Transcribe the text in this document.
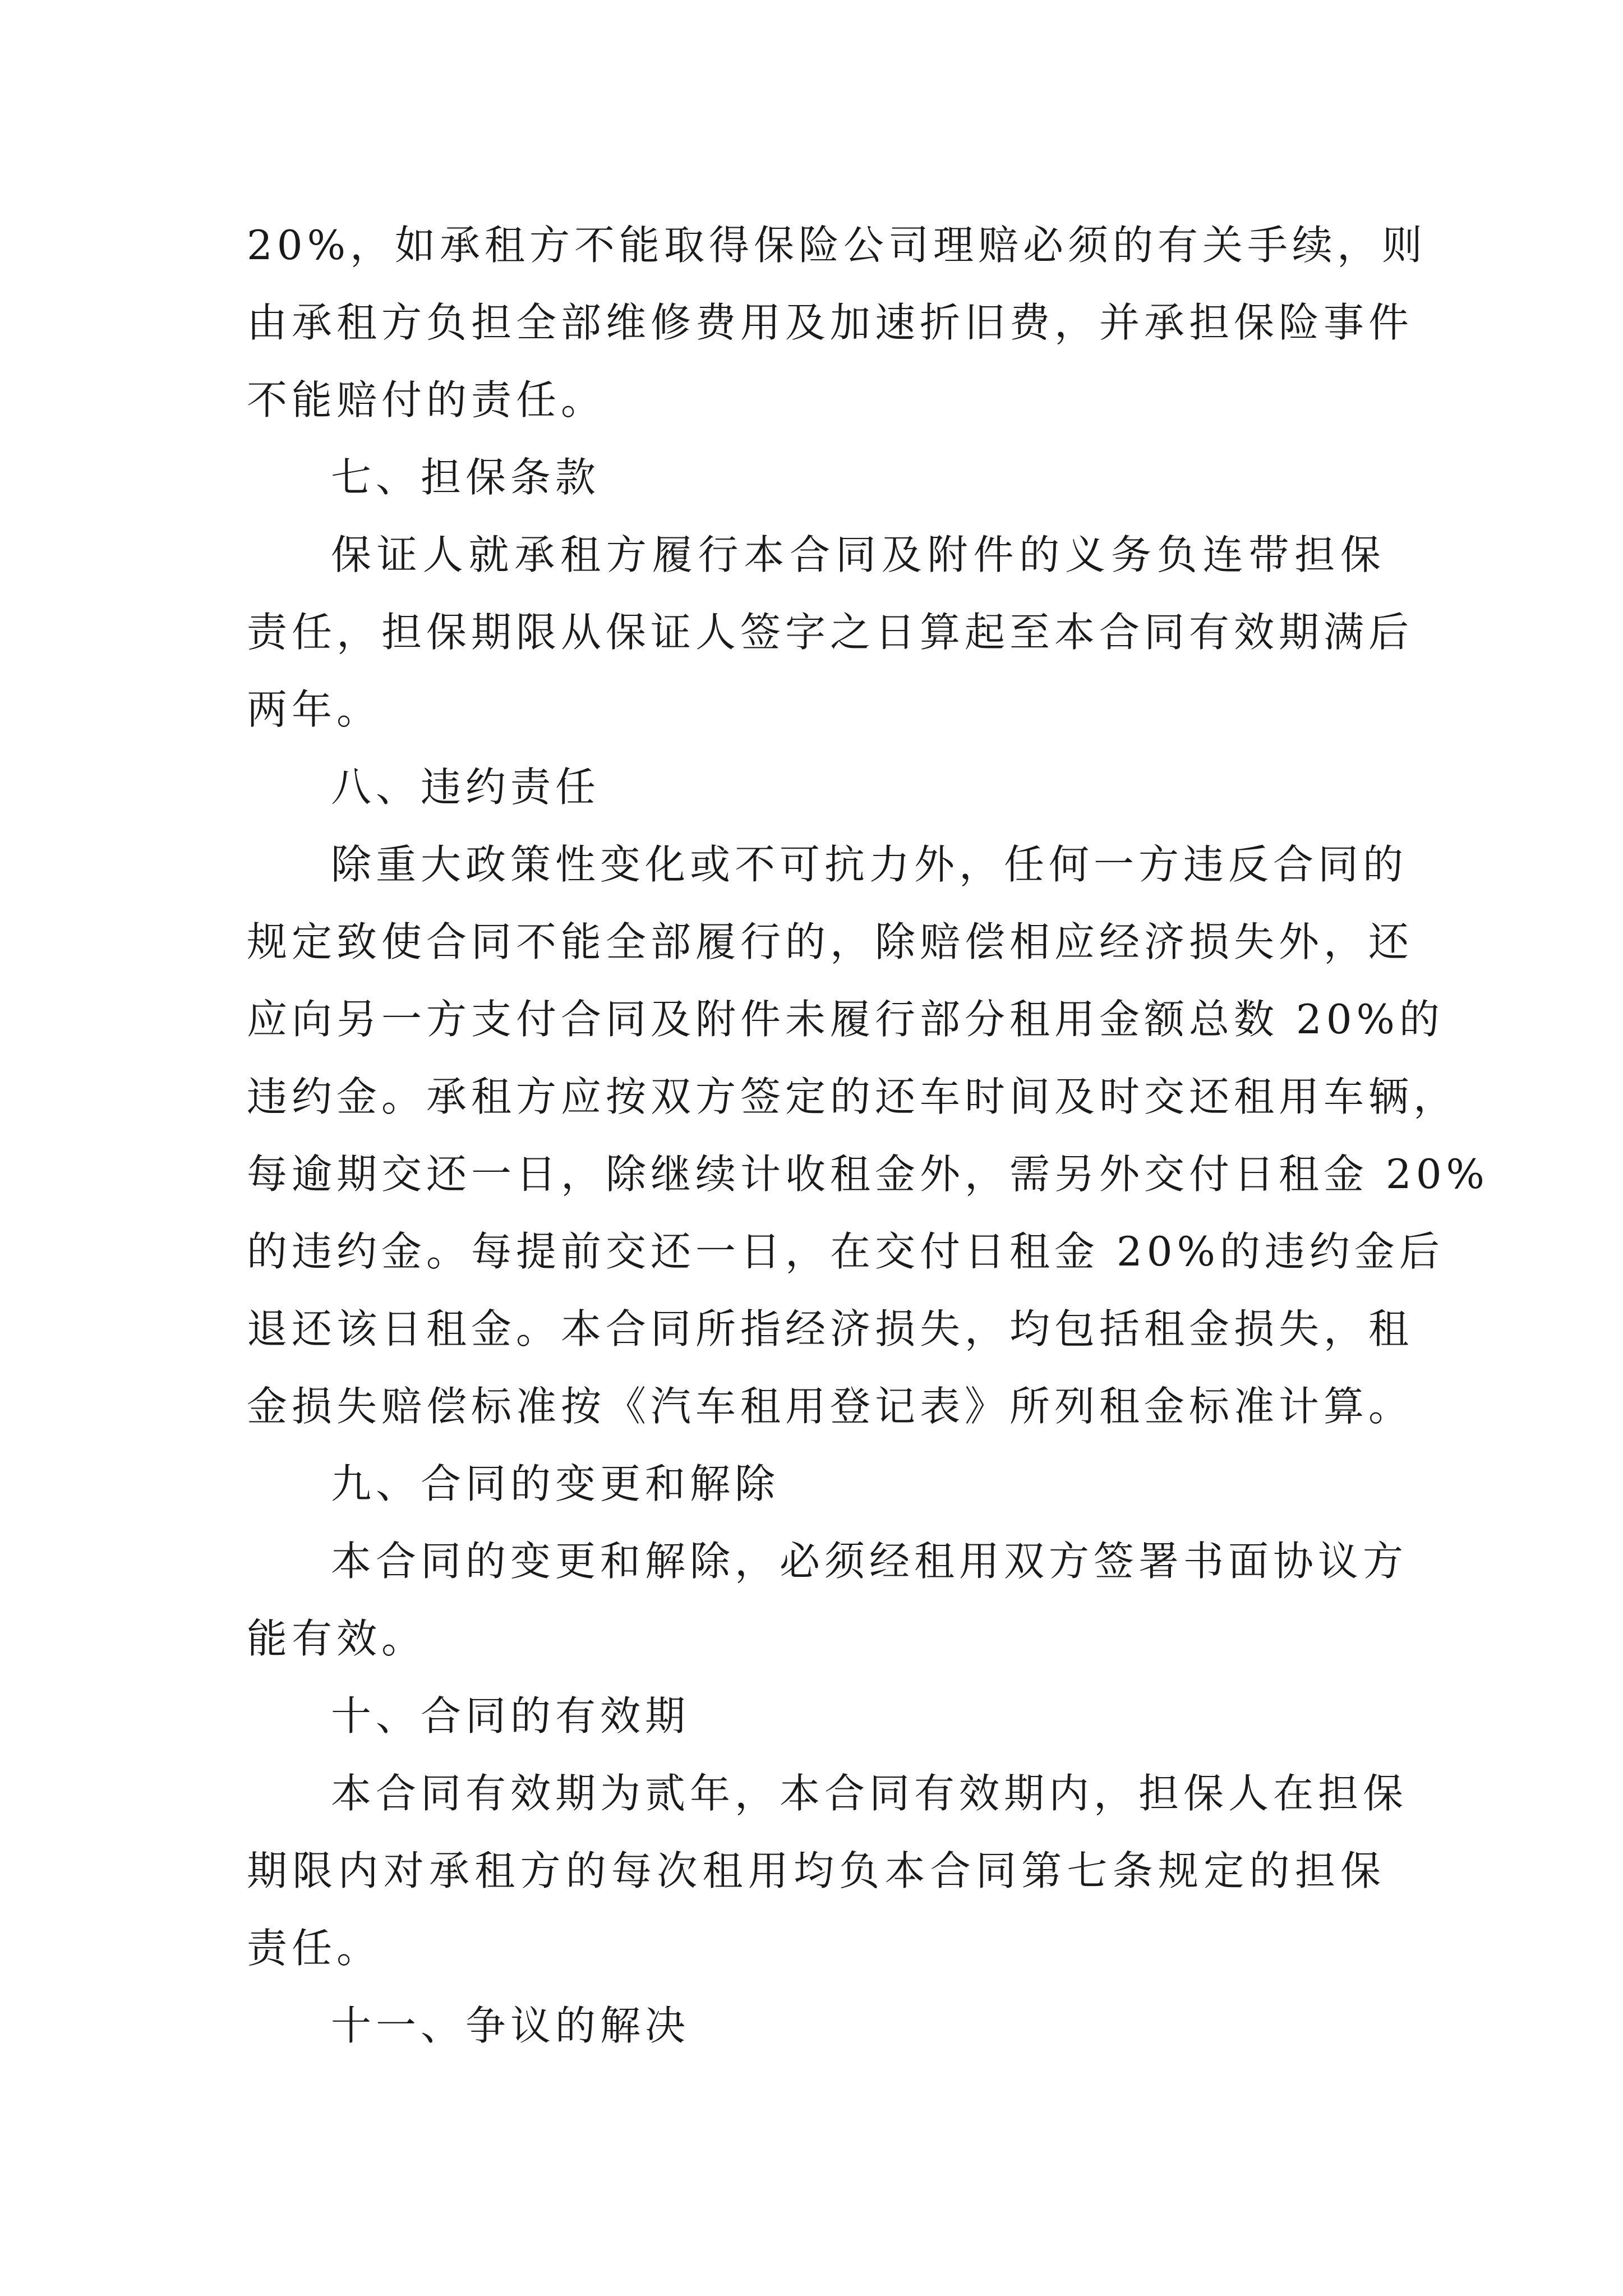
20%，如承租方不能取得保险公司理赔必须的有关手续，则
由承租方负担全部维修费用及加速折旧费，并承担保险事件
不能赔付的责任。
七、担保条款
保证人就承租方履行本合同及附件的义务负连带担保
责任，担保期限从保证人签字之日算起至本合同有效期满后
两年。
八、违约责任
除重大政策性变化或不可抗力外，任何一方违反合同的
规定致使合同不能全部履行的，除赔偿相应经济损失外，还
应向另一方支付合同及附件未履行部分租用金额总数 20%的
违约金。承租方应按双方签定的还车时间及时交还租用车辆，
每逾期交还一日，除继续计收租金外，需另外交付日租金 20%
的违约金。每提前交还一日，在交付日租金 20%的违约金后
退还该日租金。本合同所指经济损失，均包括租金损失，租
金损失赔偿标准按《汽车租用登记表》所列租金标准计算。
九、合同的变更和解除
本合同的变更和解除，必须经租用双方签署书面协议方
能有效。
十、合同的有效期
本合同有效期为贰年，本合同有效期内，担保人在担保
期限内对承租方的每次租用均负本合同第七条规定的担保
责任。
十一、争议的解决
